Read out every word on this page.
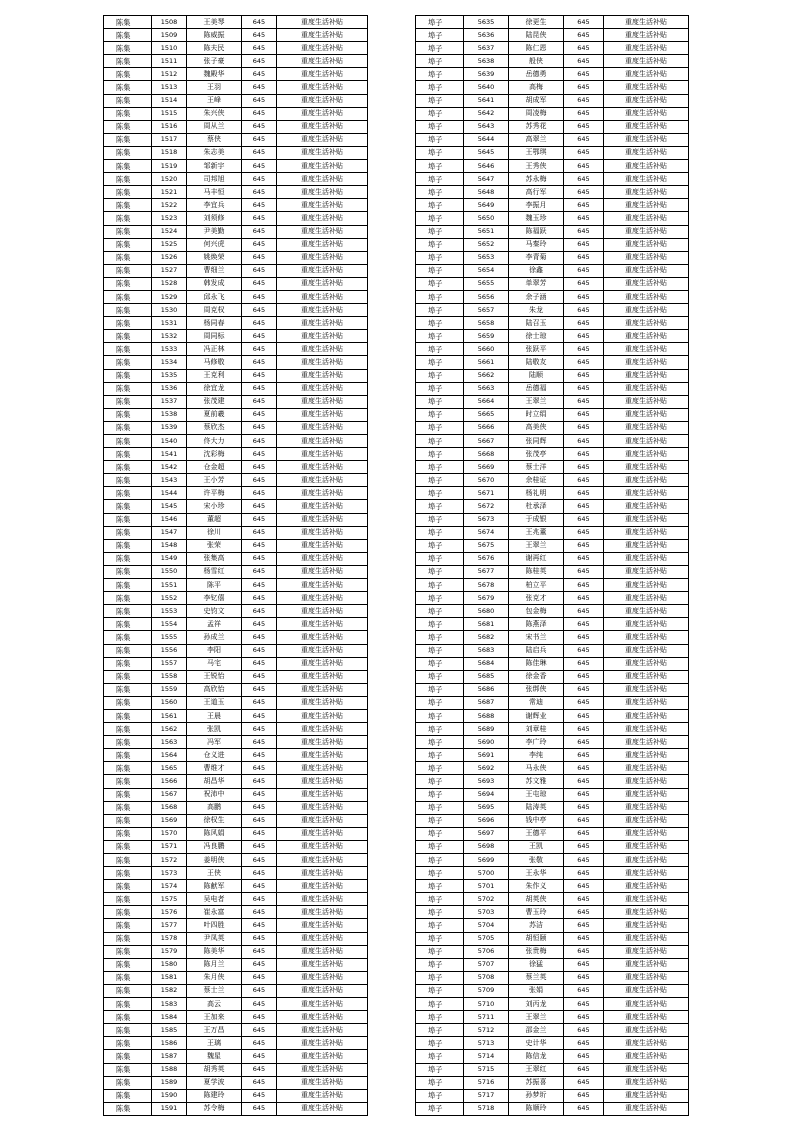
陈集	1508	王美琴	645	重度生活补贴
陈集	1509	陈威振	645	重度生活补贴
陈集	1510	陈夫民	645	重度生活补贴
陈集	1511	张子豪	645	重度生活补贴
陈集	1512	魏殿华	645	重度生活补贴
陈集	1513	王羽	645	重度生活补贴
陈集	1514	王峰	645	重度生活补贴
陈集	1515	朱兴侠	645	重度生活补贴
陈集	1516	周从兰	645	重度生活补贴
陈集	1517	蔡侠	645	重度生活补贴
陈集	1518	朱志美	645	重度生活补贴
陈集	1519	邹新宇	645	重度生活补贴
陈集	1520	司邦旭	645	重度生活补贴
陈集	1521	马丰恒	645	重度生活补贴
陈集	1522	李宜兵	645	重度生活补贴
陈集	1523	刘须修	645	重度生活补贴
陈集	1524	尹美勤	645	重度生活补贴
陈集	1525	何兴虎	645	重度生活补贴
陈集	1526	姚焕荣	645	重度生活补贴
陈集	1527	曹细兰	645	重度生活补贴
陈集	1528	韩发成	645	重度生活补贴
陈集	1529	邱永飞	645	重度生活补贴
陈集	1530	周克权	645	重度生活补贴
陈集	1531	杨同春	645	重度生活补贴
陈集	1532	周同标	645	重度生活补贴
陈集	1533	冯正林	645	重度生活补贴
陈集	1534	马修敬	645	重度生活补贴
陈集	1535	王克利	645	重度生活补贴
陈集	1536	徐宜龙	645	重度生活补贴
陈集	1537	张茂建	645	重度生活补贴
陈集	1538	夏前羲	645	重度生活补贴
陈集	1539	蔡欣杰	645	重度生活补贴
陈集	1540	佟大力	645	重度生活补贴
陈集	1541	沈彩梅	645	重度生活补贴
陈集	1542	仓金超	645	重度生活补贴
陈集	1543	王小芳	645	重度生活补贴
陈集	1544	许平梅	645	重度生活补贴
陈集	1545	宋小珍	645	重度生活补贴
陈集	1546	董超	645	重度生活补贴
陈集	1547	徐川	645	重度生活补贴
陈集	1548	张荣	645	重度生活补贴
陈集	1549	张集高	645	重度生活补贴
陈集	1550	杨雪红	645	重度生活补贴
陈集	1551	陈平	645	重度生活补贴
陈集	1552	李钇僖	645	重度生活补贴
陈集	1553	史钧文	645	重度生活补贴
陈集	1554	孟祥	645	重度生活补贴
陈集	1555	孙成兰	645	重度生活补贴
陈集	1556	李阳	645	重度生活补贴
陈集	1557	马宅	645	重度生活补贴
陈集	1558	王锐怡	645	重度生活补贴
陈集	1559	高欣怡	645	重度生活补贴
陈集	1560	王道玉	645	重度生活补贴
陈集	1561	王晨	645	重度生活补贴
陈集	1562	张凯	645	重度生活补贴
陈集	1563	冯军	645	重度生活补贴
陈集	1564	仓义进	645	重度生活补贴
陈集	1565	曹维才	645	重度生活补贴
陈集	1566	胡昌华	645	重度生活补贴
陈集	1567	祝沛中	645	重度生活补贴
陈集	1568	高鹏	645	重度生活补贴
陈集	1569	徐权生	645	重度生活补贴
陈集	1570	陈风娟	645	重度生活补贴
陈集	1571	冯良鹏	645	重度生活补贴
陈集	1572	姜明侠	645	重度生活补贴
陈集	1573	王侠	645	重度生活补贴
陈集	1574	陈献军	645	重度生活补贴
陈集	1575	吴电者	645	重度生活补贴
陈集	1576	崔永富	645	重度生活补贴
陈集	1577	叶四胜	645	重度生活补贴
陈集	1578	尹凤英	645	重度生活补贴
陈集	1579	陈美华	645	重度生活补贴
陈集	1580	陈月兰	645	重度生活补贴
陈集	1581	朱月侠	645	重度生活补贴
陈集	1582	蔡士兰	645	重度生活补贴
陈集	1583	高云	645	重度生活补贴
陈集	1584	王加来	645	重度生活补贴
陈集	1585	王万昌	645	重度生活补贴
陈集	1586	王璃	645	重度生活补贴
陈集	1587	魏星	645	重度生活补贴
陈集	1588	胡秀英	645	重度生活补贴
陈集	1589	夏学波	645	重度生活补贴
陈集	1590	陈建玲	645	重度生活补贴
陈集	1591	苏令梅	645	重度生活补贴
埠子	5635	徐更生	645	重度生活补贴
埠子	5636	陆昆侠	645	重度生活补贴
埠子	5637	陈仁恩	645	重度生活补贴
埠子	5638	般侠	645	重度生活补贴
埠子	5639	岳德勇	645	重度生活补贴
埠子	5640	高梅	645	重度生活补贴
埠子	5641	胡成军	645	重度生活补贴
埠子	5642	周凌梅	645	重度生活补贴
埠子	5643	苏秀花	645	重度生活补贴
埠子	5644	高翠兰	645	重度生活补贴
埠子	5645	王鄂琪	645	重度生活补贴
埠子	5646	王秀侠	645	重度生活补贴
埠子	5647	苏永梅	645	重度生活补贴
埠子	5648	高行军	645	重度生活补贴
埠子	5649	李振月	645	重度生活补贴
埠子	5650	魏玉珍	645	重度生活补贴
埠子	5651	陈福跃	645	重度生活补贴
埠子	5652	马秦玲	645	重度生活补贴
埠子	5653	李青菊	645	重度生活补贴
埠子	5654	徐鑫	645	重度生活补贴
埠子	5655	单翠芳	645	重度生活补贴
埠子	5656	余子涵	645	重度生活补贴
埠子	5657	朱龙	645	重度生活补贴
埠子	5658	陆召玉	645	重度生活补贴
埠子	5659	徐士琼	645	重度生活补贴
埠子	5660	张跃平	645	重度生活补贴
埠子	5661	陆敬友	645	重度生活补贴
埠子	5662	陆顺	645	重度生活补贴
埠子	5663	岳德福	645	重度生活补贴
埠子	5664	王翠兰	645	重度生活补贴
埠子	5665	时立绢	645	重度生活补贴
埠子	5666	高美侠	645	重度生活补贴
埠子	5667	张同辉	645	重度生活补贴
埠子	5668	张茂亭	645	重度生活补贴
埠子	5669	蔡士洋	645	重度生活补贴
埠子	5670	余桂证	645	重度生活补贴
埠子	5671	杨礼明	645	重度生活补贴
埠子	5672	杜承泽	645	重度生活补贴
埠子	5673	于成银	645	重度生活补贴
埠子	5674	王兆董	645	重度生活补贴
埠子	5675	王翠兰	645	重度生活补贴
埠子	5676	谢再红	645	重度生活补贴
埠子	5677	陈桂英	645	重度生活补贴
埠子	5678	柏立平	645	重度生活补贴
埠子	5679	张克才	645	重度生活补贴
埠子	5680	包金梅	645	重度生活补贴
埠子	5681	陈燕泽	645	重度生活补贴
埠子	5682	宋书兰	645	重度生活补贴
埠子	5683	陆启兵	645	重度生活补贴
埠子	5684	陈佳琳	645	重度生活补贴
埠子	5685	徐金香	645	重度生活补贴
埠子	5686	张绑侠	645	重度生活补贴
埠子	5687	常迪	645	重度生活补贴
埠子	5688	谢辉业	645	重度生活补贴
埠子	5689	刘章桂	645	重度生活补贴
埠子	5690	李广玲	645	重度生活补贴
埠子	5691	李纯	645	重度生活补贴
埠子	5692	马永侠	645	重度生活补贴
埠子	5693	苏文雅	645	重度生活补贴
埠子	5694	王屯琼	645	重度生活补贴
埠子	5695	陆涛英	645	重度生活补贴
埠子	5696	钱中亭	645	重度生活补贴
埠子	5697	王德平	645	重度生活补贴
埠子	5698	王凯	645	重度生活补贴
埠子	5699	张敬	645	重度生活补贴
埠子	5700	王永华	645	重度生活补贴
埠子	5701	朱作义	645	重度生活补贴
埠子	5702	胡英侠	645	重度生活补贴
埠子	5703	曹玉玲	645	重度生活补贴
埠子	5704	苏洁	645	重度生活补贴
埠子	5705	胡恒颐	645	重度生活补贴
埠子	5706	张贵梅	645	重度生活补贴
埠子	5707	徐猛	645	重度生活补贴
埠子	5708	蔡兰英	645	重度生活补贴
埠子	5709	张娟	645	重度生活补贴
埠子	5710	刘丙龙	645	重度生活补贴
埠子	5711	王翠兰	645	重度生活补贴
埠子	5712	邵金兰	645	重度生活补贴
埠子	5713	史计华	645	重度生活补贴
埠子	5714	陈信龙	645	重度生活补贴
埠子	5715	王翠红	645	重度生活补贴
埠子	5716	苏振喜	645	重度生活补贴
埠子	5717	孙梦圻	645	重度生活补贴
埠子	5718	陈顺玲	645	重度生活补贴
